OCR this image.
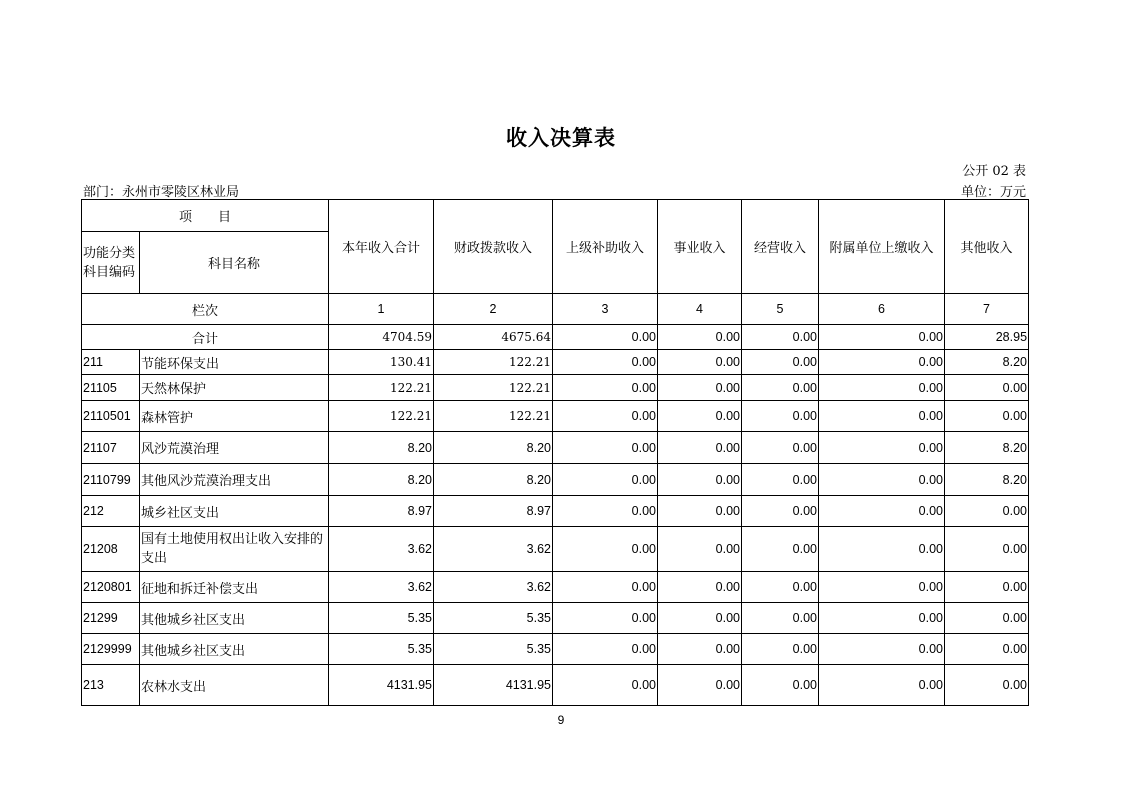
收入决算表
公开 02 表
部门：永州市零陵区林业局	单位：万元
项　　目		本年收入合计	财政拨款收入	上级补助收入	事业收入	经营收入	附属单位上缴收入	其他收入
功能分类科目编码	科目名称							
栏次		1	2	3	4	5	6	7
合计		4704.59	4675.64	0.00	0.00	0.00	0.00	28.95
211	节能环保支出	130.41	122.21	0.00	0.00	0.00	0.00	8.20
21105	天然林保护	122.21	122.21	0.00	0.00	0.00	0.00	0.00
2110501	森林管护	122.21	122.21	0.00	0.00	0.00	0.00	0.00
21107	风沙荒漠治理	8.20	8.20	0.00	0.00	0.00	0.00	8.20
2110799	其他风沙荒漠治理支出	8.20	8.20	0.00	0.00	0.00	0.00	8.20
212	城乡社区支出	8.97	8.97	0.00	0.00	0.00	0.00	0.00
21208	国有土地使用权出让收入安排的支出	3.62	3.62	0.00	0.00	0.00	0.00	0.00
2120801	征地和拆迁补偿支出	3.62	3.62	0.00	0.00	0.00	0.00	0.00
21299	其他城乡社区支出	5.35	5.35	0.00	0.00	0.00	0.00	0.00
2129999	其他城乡社区支出	5.35	5.35	0.00	0.00	0.00	0.00	0.00
213	农林水支出	4131.95	4131.95	0.00	0.00	0.00	0.00	0.00
9
